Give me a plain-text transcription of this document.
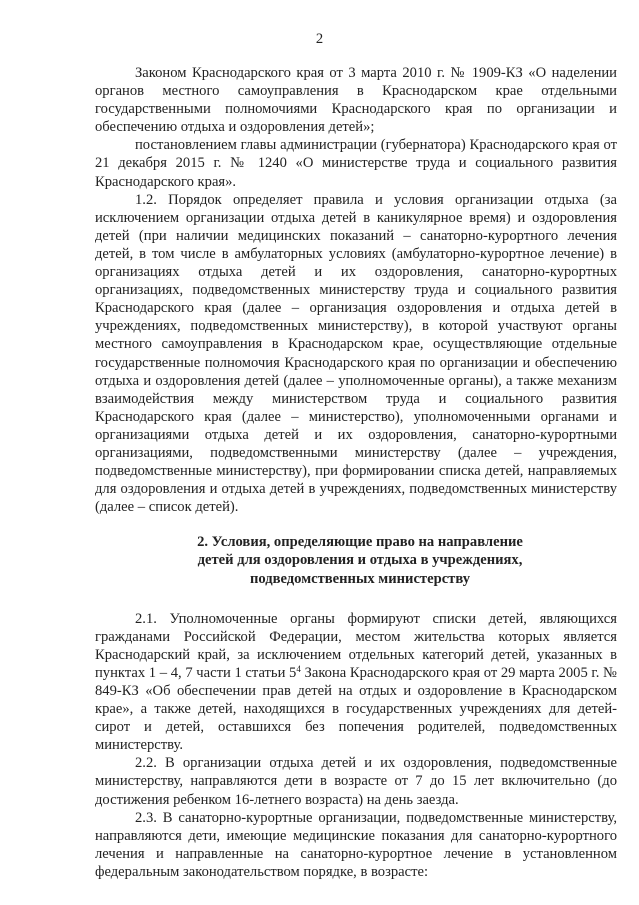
2

Законом Краснодарского края от 3 марта 2010 г. № 1909-КЗ «О наделении органов местного самоуправления в Краснодарском крае отдельными государственными полномочиями Краснодарского края по организации и обеспечению отдыха и оздоровления детей»;

постановлением главы администрации (губернатора) Краснодарского края от 21 декабря 2015 г. № 1240 «О министерстве труда и социального развития Краснодарского края».

1.2. Порядок определяет правила и условия организации отдыха (за исключением организации отдыха детей в каникулярное время) и оздоровления детей (при наличии медицинских показаний – санаторно-курортного лечения детей, в том числе в амбулаторных условиях (амбулаторно-курортное лечение) в организациях отдыха детей и их оздоровления, санаторно-курортных организациях, подведомственных министерству труда и социального развития Краснодарского края (далее – организация оздоровления и отдыха детей в учреждениях, подведомственных министерству), в которой участвуют органы местного самоуправления в Краснодарском крае, осуществляющие отдельные государственные полномочия Краснодарского края по организации и обеспечению отдыха и оздоровления детей (далее – уполномоченные органы), а также механизм взаимодействия между министерством труда и социального развития Краснодарского края (далее – министерство), уполномоченными органами и организациями отдыха детей и их оздоровления, санаторно-курортными организациями, подведомственными министерству (далее – учреждения, подведомственные министерству), при формировании списка детей, направляемых для оздоровления и отдыха детей в учреждениях, подведомственных министерству (далее – список детей).

2. Условия, определяющие право на направление
детей для оздоровления и отдыха в учреждениях,
подведомственных министерству

2.1. Уполномоченные органы формируют списки детей, являющихся гражданами Российской Федерации, местом жительства которых является Краснодарский край, за исключением отдельных категорий детей, указанных в пунктах 1 – 4, 7 части 1 статьи $5^4$ Закона Краснодарского края от 29 марта 2005 г. № 849-КЗ «Об обеспечении прав детей на отдых и оздоровление в Краснодарском крае», а также детей, находящихся в государственных учреждениях для детей-сирот и детей, оставшихся без попечения родителей, подведомственных министерству.

2.2. В организации отдыха детей и их оздоровления, подведомственные министерству, направляются дети в возрасте от 7 до 15 лет включительно (до достижения ребенком 16-летнего возраста) на день заезда.

2.3. В санаторно-курортные организации, подведомственные министерству, направляются дети, имеющие медицинские показания для санаторно-курортного лечения и направленные на санаторно-курортное лечение в установленном федеральным законодательством порядке, в возрасте:
